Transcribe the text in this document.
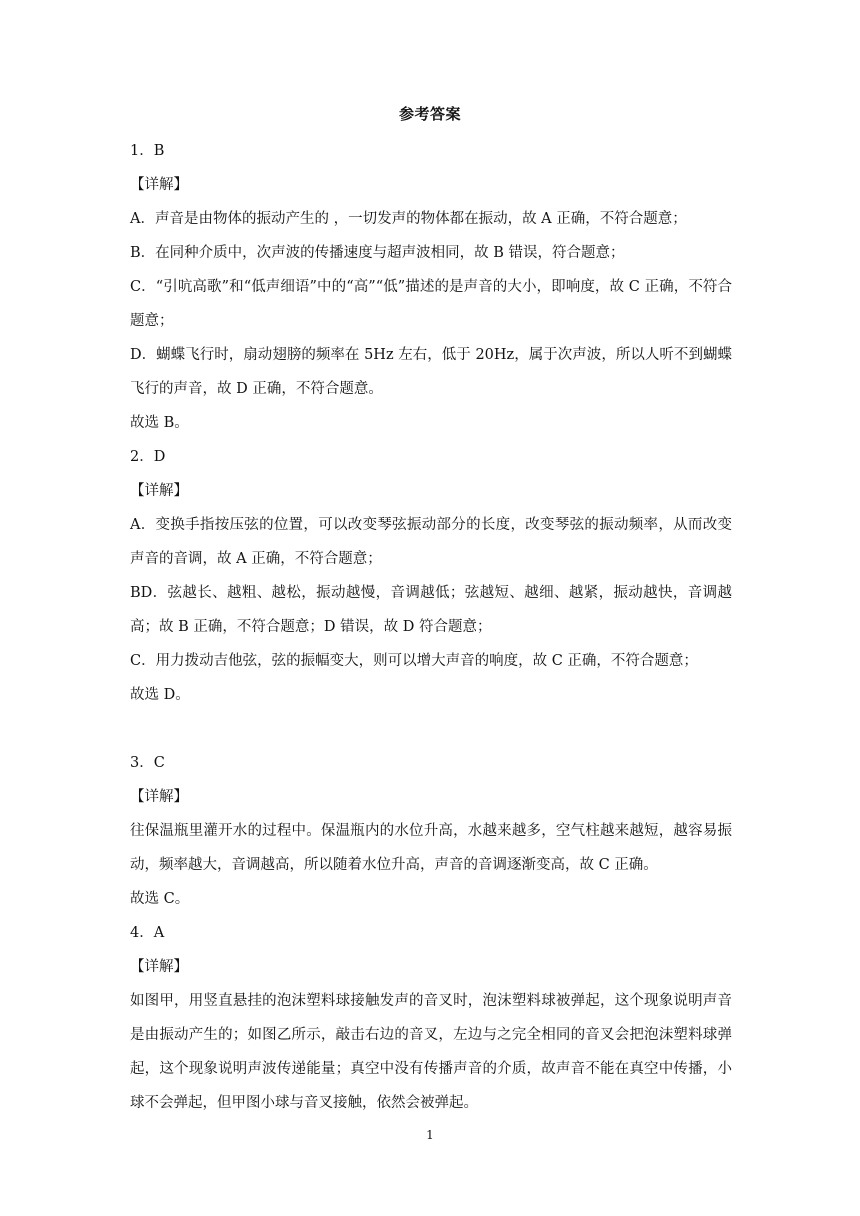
参考答案

1．B

【详解】

A．声音是由物体的振动产生的 ，一切发声的物体都在振动，故 A 正确，不符合题意；

B．在同种介质中，次声波的传播速度与超声波相同，故 B 错误，符合题意；

C．“引吭高歌”和“低声细语”中的“高”“低”描述的是声音的大小，即响度，故 C 正确，不符合题意；

D．蝴蝶飞行时，扇动翅膀的频率在 5Hz 左右，低于 20Hz，属于次声波，所以人听不到蝴蝶飞行的声音，故 D 正确，不符合题意。

故选 B。

2．D

【详解】

A．变换手指按压弦的位置，可以改变琴弦振动部分的长度，改变琴弦的振动频率，从而改变声音的音调，故 A 正确，不符合题意；

BD．弦越长、越粗、越松，振动越慢，音调越低；弦越短、越细、越紧，振动越快，音调越高；故 B 正确，不符合题意；D 错误，故 D 符合题意；

C．用力拨动吉他弦，弦的振幅变大，则可以增大声音的响度，故 C 正确，不符合题意；

故选 D。

3．C

【详解】

往保温瓶里灌开水的过程中。保温瓶内的水位升高，水越来越多，空气柱越来越短，越容易振动，频率越大，音调越高，所以随着水位升高，声音的音调逐渐变高，故 C 正确。

故选 C。

4．A

【详解】

如图甲，用竖直悬挂的泡沫塑料球接触发声的音叉时，泡沫塑料球被弹起，这个现象说明声音是由振动产生的；如图乙所示，敲击右边的音叉，左边与之完全相同的音叉会把泡沫塑料球弹起，这个现象说明声波传递能量；真空中没有传播声音的介质，故声音不能在真空中传播，小球不会弹起，但甲图小球与音叉接触，依然会被弹起。

1
